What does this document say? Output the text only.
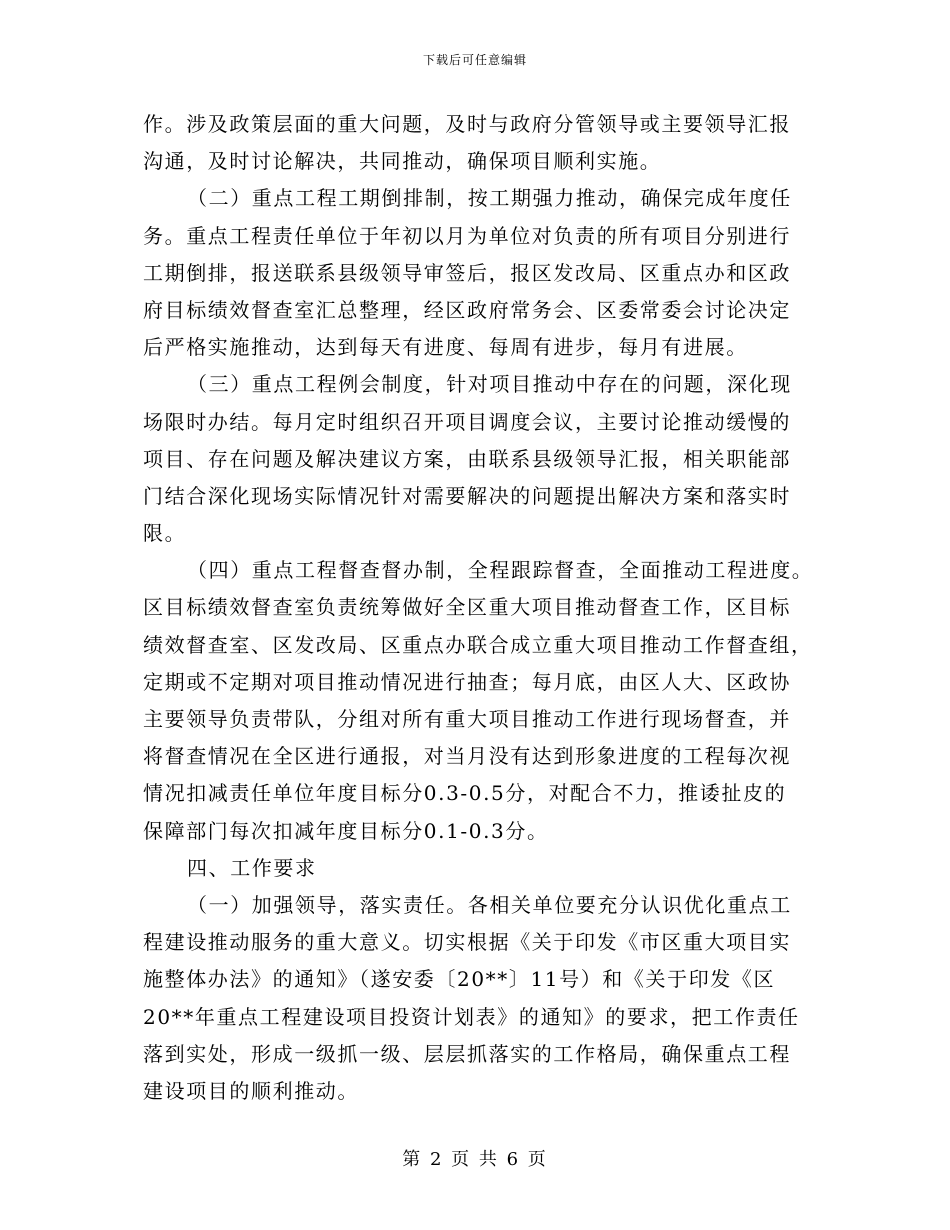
下载后可任意编辑
作。涉及政策层面的重大问题，及时与政府分管领导或主要领导汇报
沟通，及时讨论解决，共同推动，确保项目顺利实施。
（二）重点工程工期倒排制，按工期强力推动，确保完成年度任
务。重点工程责任单位于年初以月为单位对负责的所有项目分别进行
工期倒排，报送联系县级领导审签后，报区发改局、区重点办和区政
府目标绩效督查室汇总整理，经区政府常务会、区委常委会讨论决定
后严格实施推动，达到每天有进度、每周有进步，每月有进展。
（三）重点工程例会制度，针对项目推动中存在的问题，深化现
场限时办结。每月定时组织召开项目调度会议，主要讨论推动缓慢的
项目、存在问题及解决建议方案，由联系县级领导汇报，相关职能部
门结合深化现场实际情况针对需要解决的问题提出解决方案和落实时
限。
（四）重点工程督查督办制，全程跟踪督查，全面推动工程进度。
区目标绩效督查室负责统筹做好全区重大项目推动督查工作，区目标
绩效督查室、区发改局、区重点办联合成立重大项目推动工作督查组，
定期或不定期对项目推动情况进行抽查；每月底，由区人大、区政协
主要领导负责带队，分组对所有重大项目推动工作进行现场督查，并
将督查情况在全区进行通报，对当月没有达到形象进度的工程每次视
情况扣减责任单位年度目标分0.3-0.5分，对配合不力，推诿扯皮的
保障部门每次扣减年度目标分0.1-0.3分。
四、工作要求
（一）加强领导，落实责任。各相关单位要充分认识优化重点工
程建设推动服务的重大意义。切实根据《关于印发《市区重大项目实
施整体办法》的通知》（遂安委〔20**〕11号）和《关于印发《区
20**年重点工程建设项目投资计划表》的通知》的要求，把工作责任
落到实处，形成一级抓一级、层层抓落实的工作格局，确保重点工程
建设项目的顺利推动。
第 2 页 共 6 页
